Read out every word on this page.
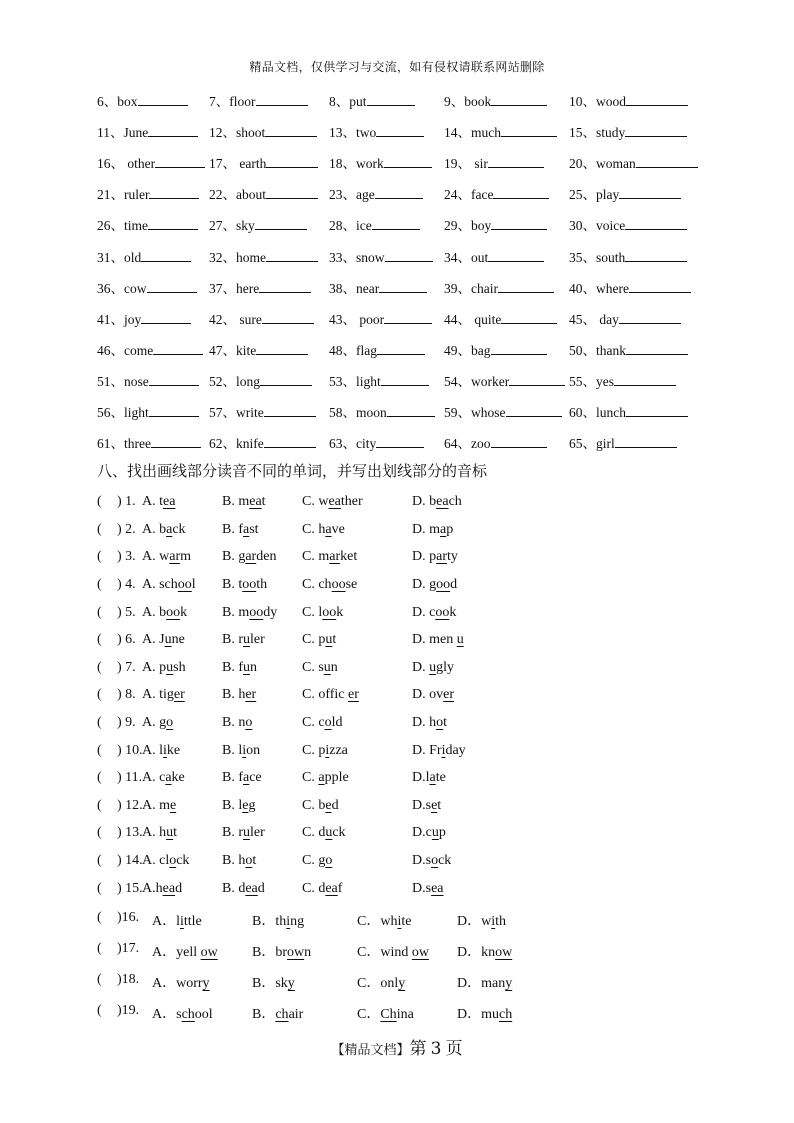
精品文档，仅供学习与交流，如有侵权请联系网站删除
6、box	7、floor	8、put	9、book	10、wood
11、June	12、shoot	13、two	14、much	15、study
16、 other	17、 earth	18、work	19、 sir	20、woman
21、ruler	22、about	23、age	24、face	25、play
26、time	27、sky	28、ice	29、boy	30、voice
31、old	32、home	33、snow	34、out	35、south
36、cow	37、here	38、near	39、chair	40、where
41、joy	42、 sure	43、 poor	44、 quite	45、 day
46、come	47、kite	48、flag	49、bag	50、thank
51、nose	52、long	53、light	54、worker	55、yes
56、light	57、write	58、moon	59、whose	60、lunch
61、three	62、knife	63、city	64、zoo	65、girl
八、找出画线部分读音不同的单词，并写出划线部分的音标
( ) 1. A. tea	B. meat	C. weather	D. beach
( ) 2. A. back	B. fast	C. have	D. map
( ) 3. A. warm B. garden C. market	D. party
( ) 4. A. school B. tooth C. choose	D. good
( ) 5. A. book B. moody C. look	D. cook
( ) 6. A. June	B. ruler	C. put	D. men u
( ) 7. A. push	B. fun	C. sun	D. ugly
( ) 8. A. tiger	B. her	C. offic er	D. over
( ) 9. A. go	B. no	C. cold	D. hot
( ) 10. A. like	B. lion	C. pizza	D. Friday
( ) 11. A. cake	B. face	C. apple	D.late
( ) 12. A. me	B. leg	C. bed	D.set
( ) 13. A. hut	B. ruler	C. duck	D.cup
( ) 14. A. clock B. hot	C. go	D.sock
( ) 15. A.head	B. dead	C. deaf	D.sea
( )16. A．little	B．thing	C．white	D．with
( )17. A．yell ow B．brown	C．wind ow D．know
( )18. A．worry	B．sky	C．only	D．many
( )19. A．school	B．chair	C．China	D．much
【精品文档】第 3 页
